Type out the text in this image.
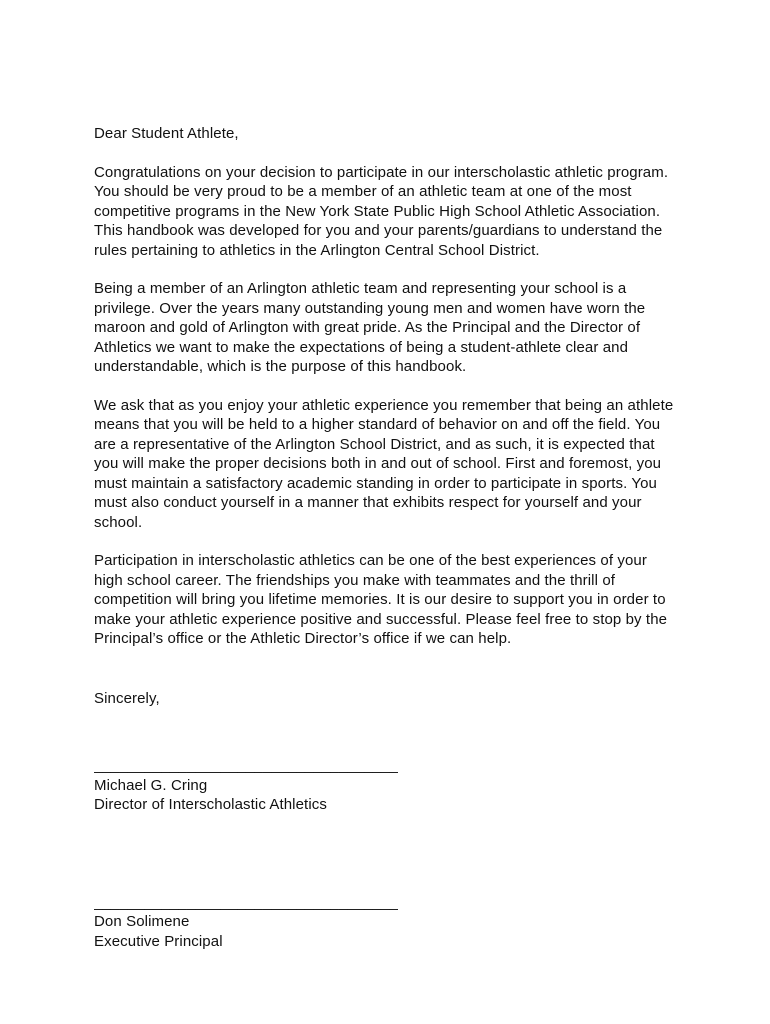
Dear Student Athlete,

Congratulations on your decision to participate in our interscholastic athletic program. You should be very proud to be a member of an athletic team at one of the most competitive programs in the New York State Public High School Athletic Association. This handbook was developed for you and your parents/guardians to understand the rules pertaining to athletics in the Arlington Central School District.

Being a member of an Arlington athletic team and representing your school is a privilege. Over the years many outstanding young men and women have worn the maroon and gold of Arlington with great pride. As the Principal and the Director of Athletics we want to make the expectations of being a student-athlete clear and understandable, which is the purpose of this handbook.

We ask that as you enjoy your athletic experience you remember that being an athlete means that you will be held to a higher standard of behavior on and off the field. You are a representative of the Arlington School District, and as such, it is expected that you will make the proper decisions both in and out of school. First and foremost, you must maintain a satisfactory academic standing in order to participate in sports. You must also conduct yourself in a manner that exhibits respect for yourself and your school.

Participation in interscholastic athletics can be one of the best experiences of your high school career. The friendships you make with teammates and the thrill of competition will bring you lifetime memories. It is our desire to support you in order to make your athletic experience positive and successful. Please feel free to stop by the Principal’s office or the Athletic Director’s office if we can help.

Sincerely,

____________________________________

Michael G. Cring

Director of Interscholastic Athletics

____________________________________

Don Solimene

Executive Principal
